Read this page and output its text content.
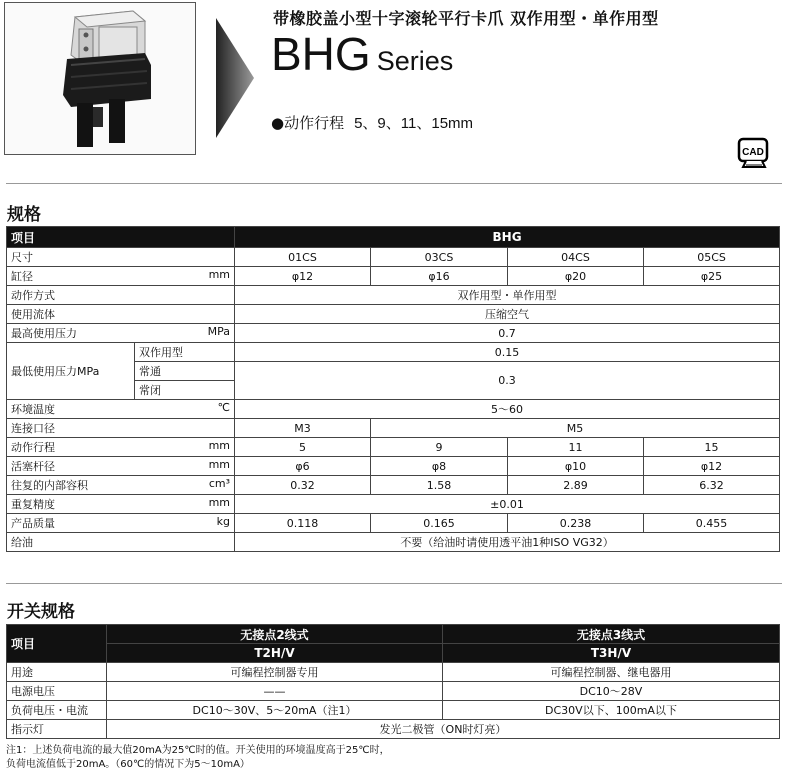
带橡胶盖小型十字滚轮平行卡爪 双作用型・单作用型
BHG Series
●动作行程 5、9、11、15mm
CAD
规格
项目		BHG			
尺寸		01CS	03CS	04CS	05CS

缸径 mm		φ12	φ16	φ20	φ25
动作方式		双作用型・单作用型			
使用流体		压缩空气			

最高使用压力 MPa		0.7			
最低使用压力MPa	双作用型	0.15			
	常通	0.3			
	常闭				

环境温度 ℃		5～60			
连接口径		M3	M5		

动作行程 mm		5	9	11	15

活塞杆径 mm		φ6	φ8	φ10	φ12

往复的内部容积 cm³		0.32	1.58	2.89	6.32

重复精度 mm		±0.01			

产品质量 kg		0.118	0.165	0.238	0.455
给油		不要（给油时请使用透平油1种ISO VG32）			
开关规格
项目	无接点2线式	无接点3线式
	T2H/V	T3H/V
用途	可编程控制器专用	可编程控制器、继电器用
电源电压	——	DC10～28V
负荷电压・电流	DC10～30V、5～20mA（注1）	DC30V以下、100mA以下
指示灯	发光二极管（ON时灯亮）	
注1：上述负荷电流的最大值20mA为25℃时的值。开关使用的环境温度高于25℃时，
负荷电流值低于20mA。（60℃的情况下为5～10mA）
